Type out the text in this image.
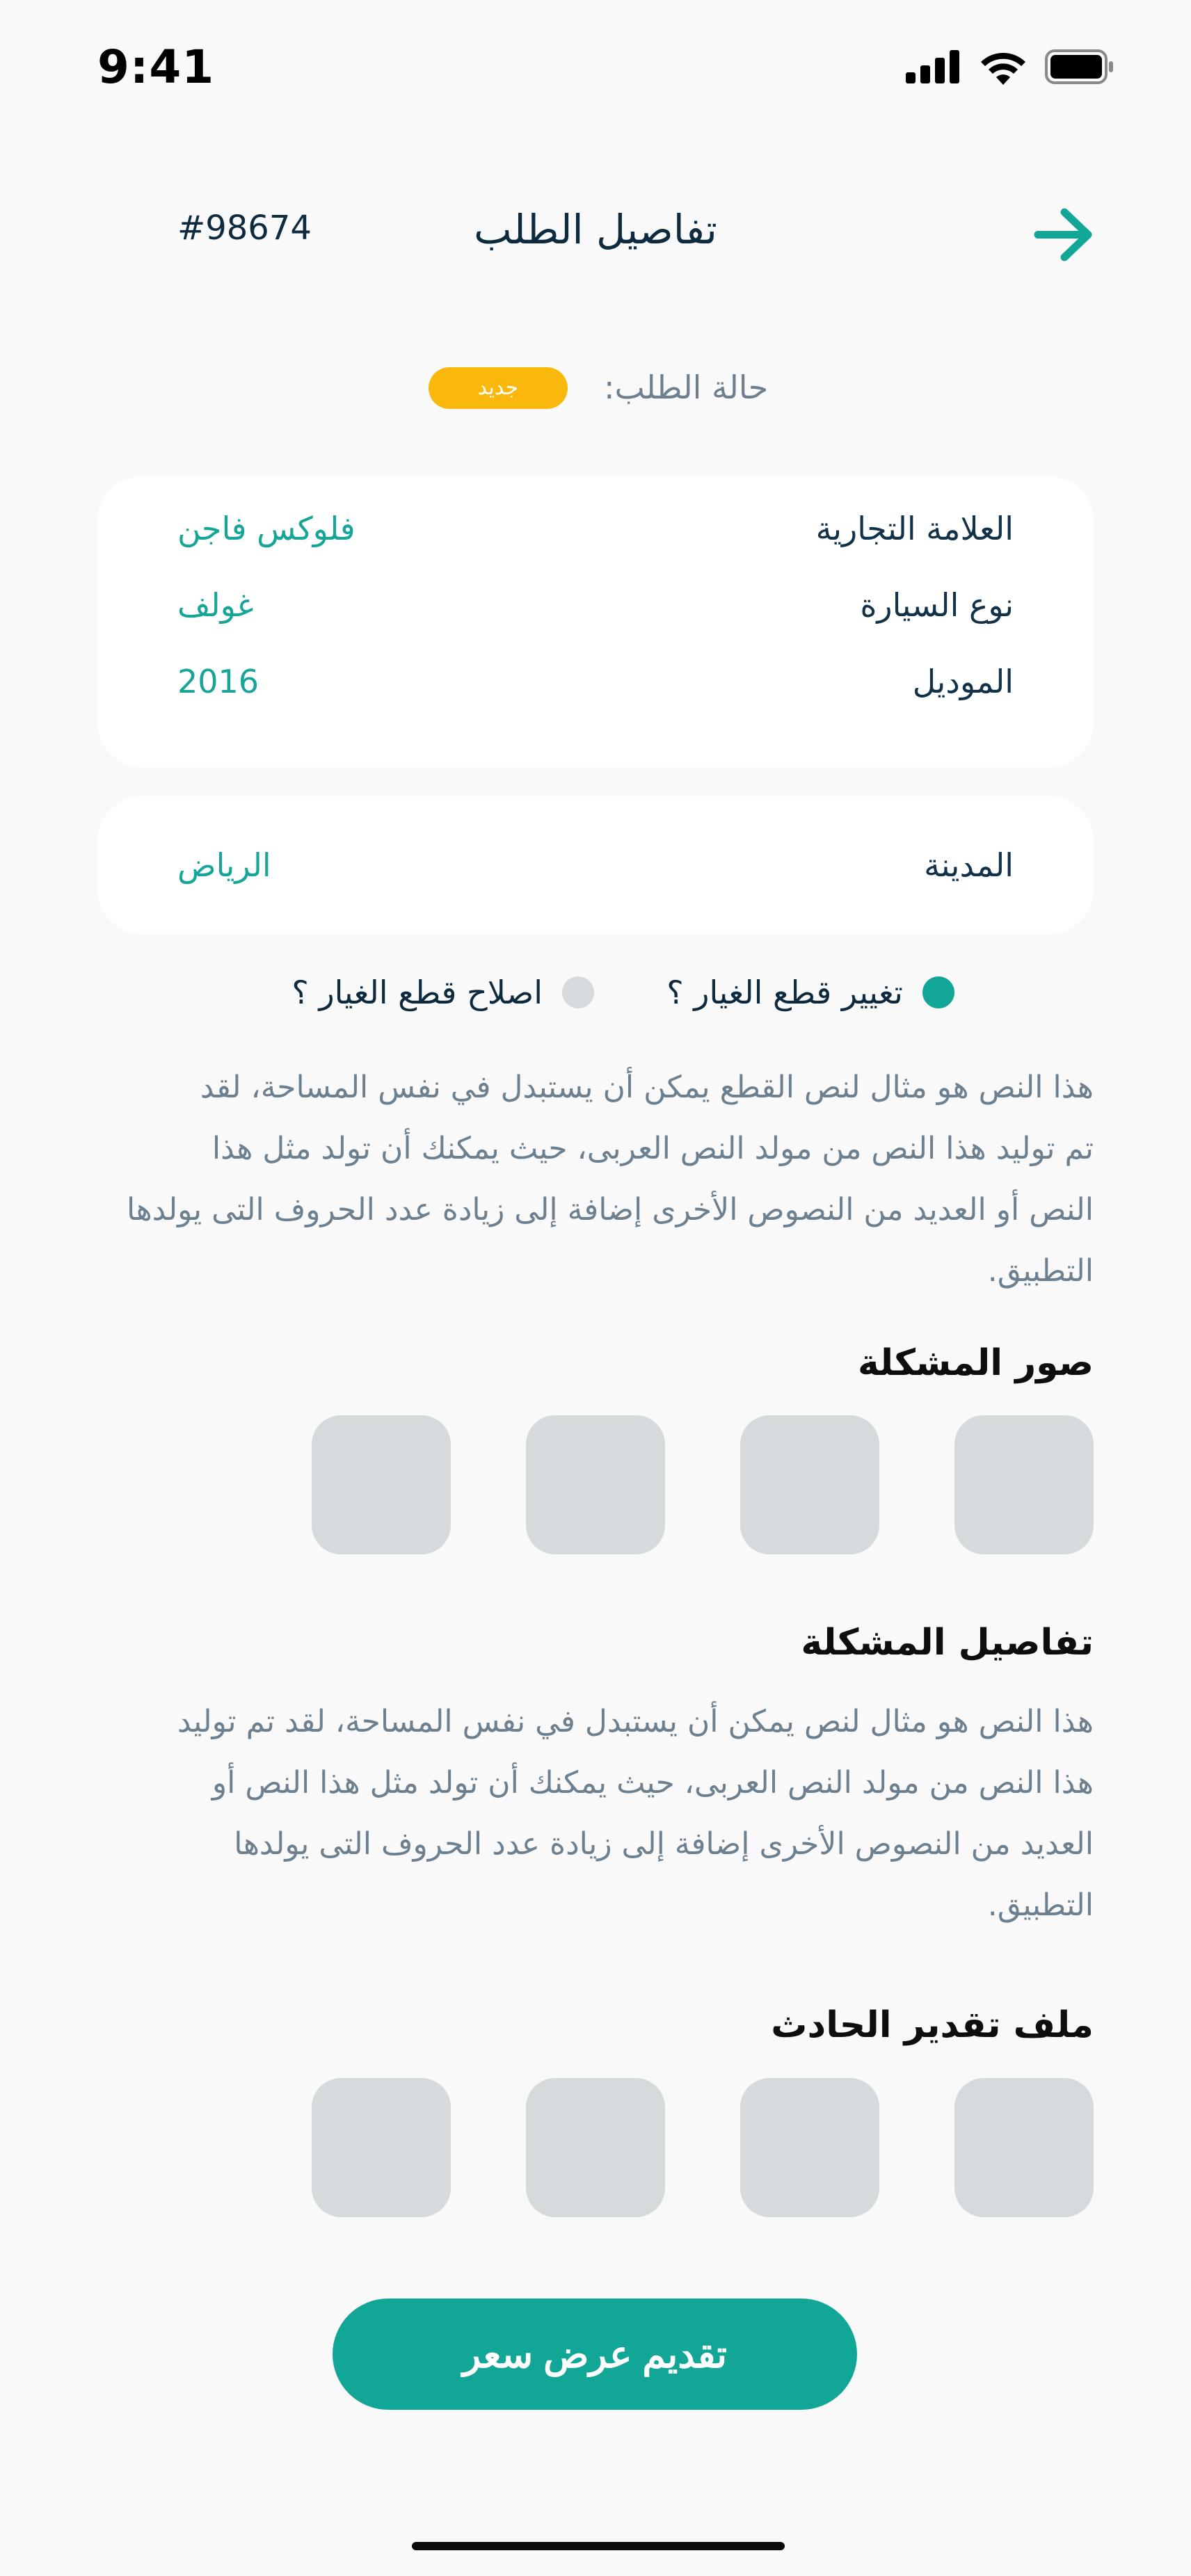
9:41
#98674	تفاصيل الطلب
حالة الطلب:
جديد
فلوكس فاجن	العلامة التجارية
غولف	نوع السيارة
2016	الموديل
الرياض	المدينة
تغيير قطع الغيار ؟
اصلاح قطع الغيار ؟
هذا النص هو مثال لنص القطع يمكن أن يستبدل في نفس المساحة، لقد
تم توليد هذا النص من مولد النص العربى، حيث يمكنك أن تولد مثل هذا
النص أو العديد من النصوص الأخرى إضافة إلى زيادة عدد الحروف التى يولدها
التطبيق.
صور المشكلة
تفاصيل المشكلة
هذا النص هو مثال لنص يمكن أن يستبدل في نفس المساحة، لقد تم توليد
هذا النص من مولد النص العربى، حيث يمكنك أن تولد مثل هذا النص أو
العديد من النصوص الأخرى إضافة إلى زيادة عدد الحروف التى يولدها
التطبيق.
ملف تقدير الحادث
تقديم عرض سعر
